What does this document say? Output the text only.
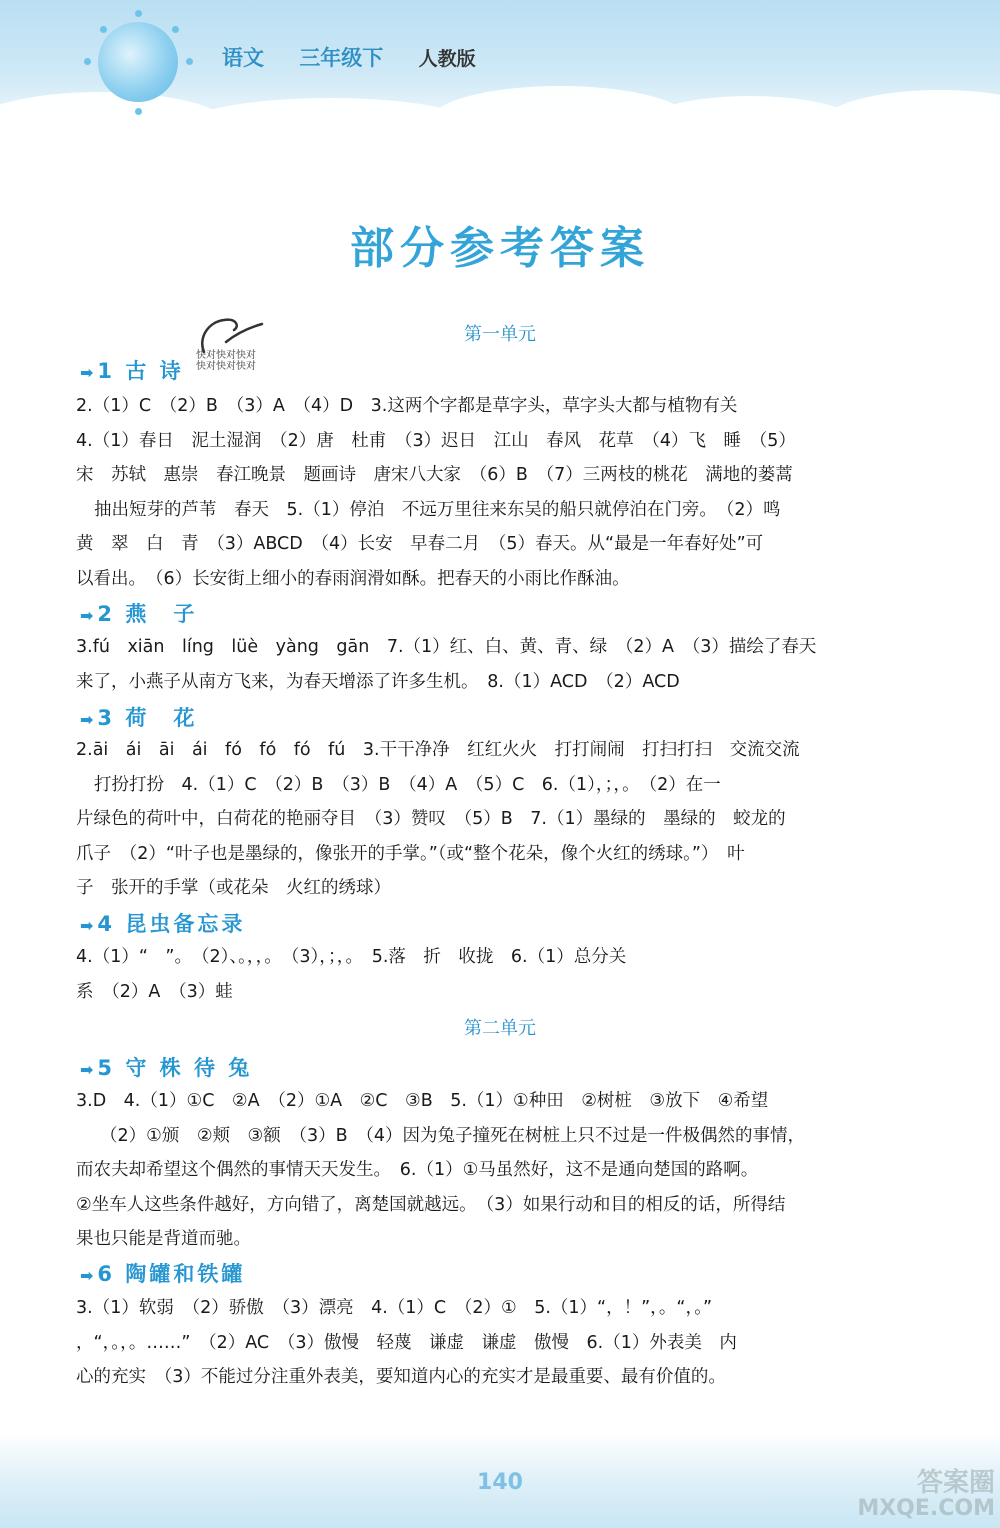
语文 三年级下 人教版
部分参考答案
快对快对快对快对快对快对
第一单元
➡ 1 古 诗

2.（1）C　（2）B　（3）A　（4）D　3.这两个字都是草字头，草字头大都与植物有关

4.（1）春日　泥土湿润　（2）唐　杜甫　（3）迟日　江山　春风　花草　（4）飞　睡　（5）

宋　苏轼　惠崇　春江晚景　题画诗　唐宋八大家　（6）B　（7）三两枝的桃花　满地的蒌蒿

抽出短芽的芦苇　春天　5.（1）停泊　不远万里往来东吴的船只就停泊在门旁。　（2）鸣

黄　翠　白　青　（3）ABCD　（4）长安　早春二月　（5）春天。从“最是一年春好处”可

以看出。　（6）长安街上细小的春雨润滑如酥。把春天的小雨比作酥油。

➡ 2 燕　子

3.fú　xiān　líng　lüè　yàng　gān　7.（1）红、白、黄、青、绿　（2）A　（3）描绘了春天

来了，小燕子从南方飞来，为春天增添了许多生机。　8.（1）ACD　（2）ACD

➡ 3 荷　花

2.āi　ái　āi　ái　fó　fó　fó　fú　3.干干净净　红红火火　打打闹闹　打扫打扫　交流交流

打扮打扮　4.（1）C　（2）B　（3）B　（4）A　（5）C　6.（1），；，。　（2）在一

片绿色的荷叶中，白荷花的艳丽夺目　（3）赞叹　（5）B　7.（1）墨绿的　墨绿的　蛟龙的

爪子　（2）“叶子也是墨绿的，像张开的手掌。”（或“整个花朵，像个火红的绣球。”）　叶

子　张开的手掌（或花朵　火红的绣球）

➡ 4 昆虫备忘录

4.（1）“　”。　（2）、。，，。　（3），；，。　5.落　折　收拢　6.（1）总分关

系　（2）A　（3）蛙

第二单元
➡ 5 守 株 待 兔

3.D　4.（1）①C　②A　（2）①A　②C　③B　5.（1）①种田　②树桩　③放下　④希望

（2）①颁　②颊　③额　（3）B　（4）因为兔子撞死在树桩上只不过是一件极偶然的事情，

而农夫却希望这个偶然的事情天天发生。　6.（1）①马虽然好，这不是通向楚国的路啊。

②坐车人这些条件越好，方向错了，离楚国就越远。　（3）如果行动和目的相反的话，所得结

果也只能是背道而驰。

➡ 6 陶罐和铁罐

3.（1）软弱　（2）骄傲　（3）漂亮　4.（1）C　（2）①　5.（1）“，！”，。“，。”

，“，。，。……”　（2）AC　（3）傲慢　轻蔑　谦虚　谦虚　傲慢　6.（1）外表美　内

心的充实　（3）不能过分注重外表美，要知道内心的充实才是最重要、最有价值的。

140	答案圈
MXQE.COM
